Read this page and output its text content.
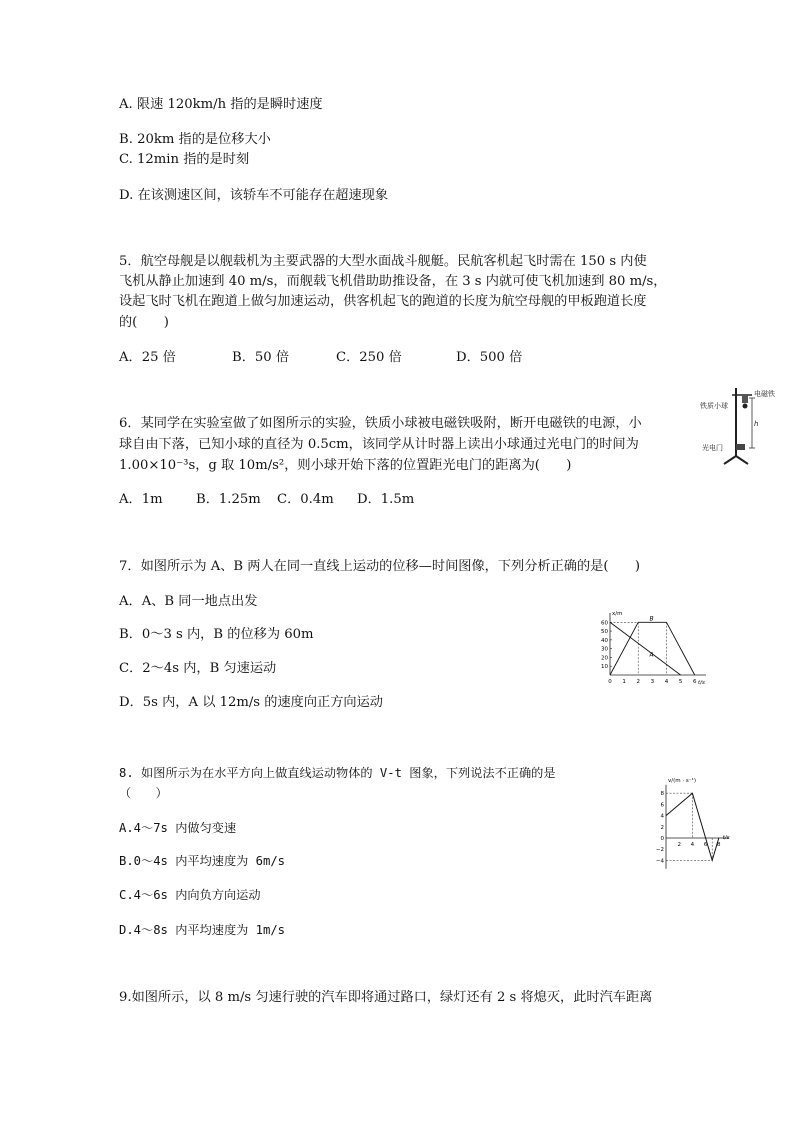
A. 限速 120km/h 指的是瞬时速度
B. 20km 指的是位移大小
C. 12min 指的是时刻
D. 在该测速区间，该轿车不可能存在超速现象
5．航空母舰是以舰载机为主要武器的大型水面战斗舰艇。民航客机起飞时需在 150 s 内使
飞机从静止加速到 40 m/s，而舰载飞机借助助推设备，在 3 s 内就可使飞机加速到 80 m/s，
设起飞时飞机在跑道上做匀加速运动，供客机起飞的跑道的长度为航空母舰的甲板跑道长度
的(　　)
A．25 倍	B．50 倍	C．250 倍	D．500 倍
6．某同学在实验室做了如图所示的实验，铁质小球被电磁铁吸附，断开电磁铁的电源，小
球自由下落，已知小球的直径为 0.5cm，该同学从计时器上读出小球通过光电门的时间为
1.00×10⁻³s，g 取 10m/s²，则小球开始下落的位置距光电门的距离为(　　)
A．1m	B．1.25m C．0.4m D．1.5m
电磁铁
铁质小球
h
光电门
7．如图所示为 A、B 两人在同一直线上运动的位移—时间图像，下列分析正确的是(　　)
A．A、B 同一地点出发
B．0～3 s 内，B 的位移为 60m
C．2～4s 内，B 匀速运动
D．5s 内，A 以 12m/s 的速度向正方向运动
x/m
t/s
10
20
30
40
50
60
0 1 2 3 4 5 6
B
A
8. 如图所示为在水平方向上做直线运动物体的 V-t 图象，下列说法不正确的是
（　　）
A.4～7s 内做匀变速
B.0～4s 内平均速度为 6m/s
C.4～6s 内向负方向运动
D.4～8s 内平均速度为 1m/s
v/(m · s⁻¹)
t/s
8
6
4
2
0
−2
−4
2 4 6 8
9.如图所示，以 8 m/s 匀速行驶的汽车即将通过路口，绿灯还有 2 s 将熄灭，此时汽车距离
